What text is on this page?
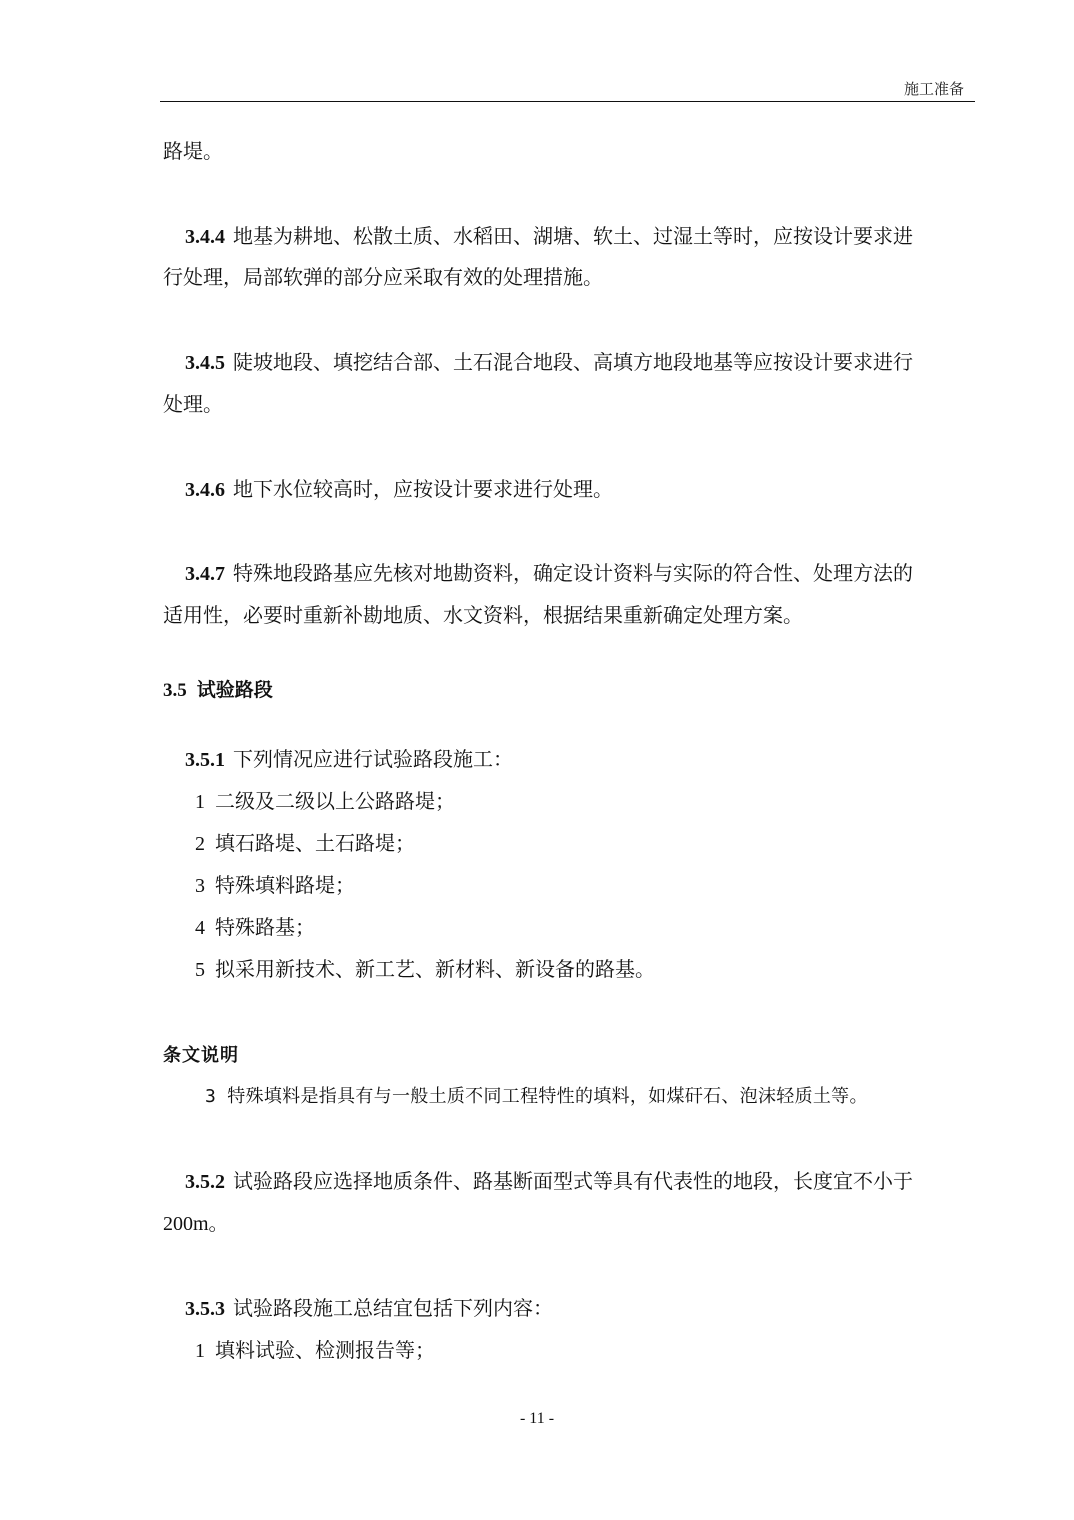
施工准备
路堤。
3.4.4 地基为耕地、松散土质、水稻田、湖塘、软土、过湿土等时，应按设计要求进
行处理，局部软弹的部分应采取有效的处理措施。
3.4.5 陡坡地段、填挖结合部、土石混合地段、高填方地段地基等应按设计要求进行
处理。
3.4.6 地下水位较高时，应按设计要求进行处理。
3.4.7 特殊地段路基应先核对地勘资料，确定设计资料与实际的符合性、处理方法的
适用性，必要时重新补勘地质、水文资料，根据结果重新确定处理方案。
3.5 试验路段
3.5.1 下列情况应进行试验路段施工：
1 二级及二级以上公路路堤；
2 填石路堤、土石路堤；
3 特殊填料路堤；
4 特殊路基；
5 拟采用新技术、新工艺、新材料、新设备的路基。
条文说明
3 特殊填料是指具有与一般土质不同工程特性的填料，如煤矸石、泡沫轻质土等。
3.5.2 试验路段应选择地质条件、路基断面型式等具有代表性的地段，长度宜不小于
200m。
3.5.3 试验路段施工总结宜包括下列内容：
1 填料试验、检测报告等；
- 11 -
